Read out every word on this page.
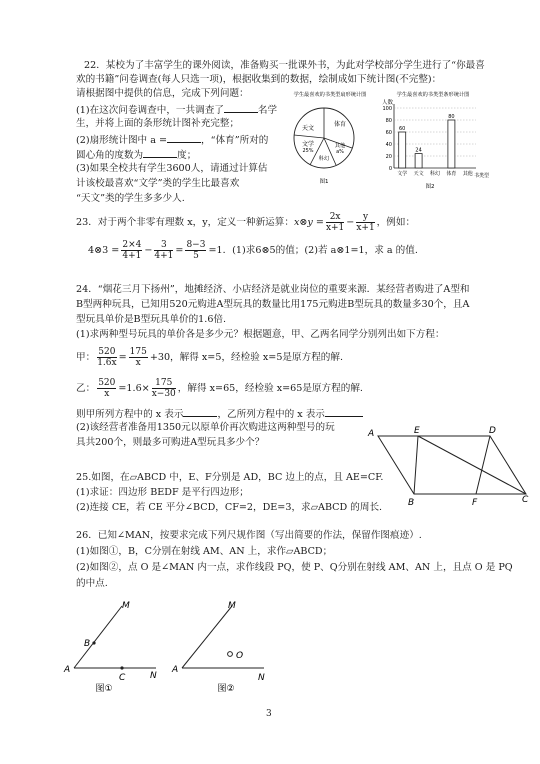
22．某校为了丰富学生的课外阅读，准备购买一批课外书，为此对学校部分学生进行了“你最喜
欢的书籍”问卷调查(每人只选一项)，根据收集到的数据，绘制成如下统计图(不完整)：
请根据图中提供的信息，完成下列问题：
(1)在这次问卷调查中，一共调查了	名学
生，并将上面的条形统计图补充完整；
(2)扇形统计图中 a =	，“体育”所对的
圆心角的度数为	度；
(3)如果全校共有学生3600人，请通过计算估
计该校最喜欢“文学”类的学生比最喜欢
“天文”类的学生多多少人.
学生最喜欢的书类型扇形统计图
体育
其他
a%
科幻
文学
25%
天文
图1
学生最喜欢的书类型条形统计图
人数
0
20
40
60
80
100
文学 天文 科幻 体育 其他
60
24
80
书类型
图2
23．对于两个非零有理数 x，y，定义一种新运算：x⊗y = $\frac{2x}{x+1} - \frac{y}{x+1}$ ，例如：
4⊗3 = $\frac{2\times 4}{4+1} - \frac{3}{4+1} = \frac{8-3}{5} =1$．(1)求6⊗5的值；(2)若 a⊗1=1，求 a 的值.
24．“烟花三月下扬州”，地摊经济、小店经济是就业岗位的重要来源．某经营者购进了A型和
B型两种玩具，已知用520元购进A型玩具的数量比用175元购进B型玩具的数量多30个，且A
型玩具单价是B型玩具单价的1.6倍.
(1)求两种型号玩具的单价各是多少元？根据题意，甲、乙两名同学分别列出如下方程：
甲： $\frac{520}{1.6x} = \frac{175}{x} +30$，解得 x=5，经检验 x=5是原方程的解.
乙： $\frac{520}{x} =1.6\times \frac{175}{x-30}$ ，解得 x=65，经检验 x=65是原方程的解.
则甲所列方程中的 x 表示	，乙所列方程中的 x 表示
(2)该经营者准备用1350元以原单价再次购进这两种型号的玩
具共200个，则最多可购进A型玩具多少个？
A	E	D
B	F	C
25.如图，在▱ABCD 中，E、F分别是 AD，BC 边上的点，且 AE=CF.
(1)求证：四边形 BEDF 是平行四边形；
(2)连接 CE，若 CE 平分∠BCD，CF=2，DE=3，求▱ABCD 的周长.
26．已知∠MAN，按要求完成下列尺规作图（写出简要的作法，保留作图痕迹）.
(1)如图①，B，C分别在射线 AM、AN 上，求作▱ABCD；
(2)如图②，点 O 是∠MAN 内一点，求作线段 PQ，使 P、Q分别在射线 AM、AN 上，且点 O 是 PQ
的中点.
M
B
A
C	N
图①
M
O
A
N
图②
3
